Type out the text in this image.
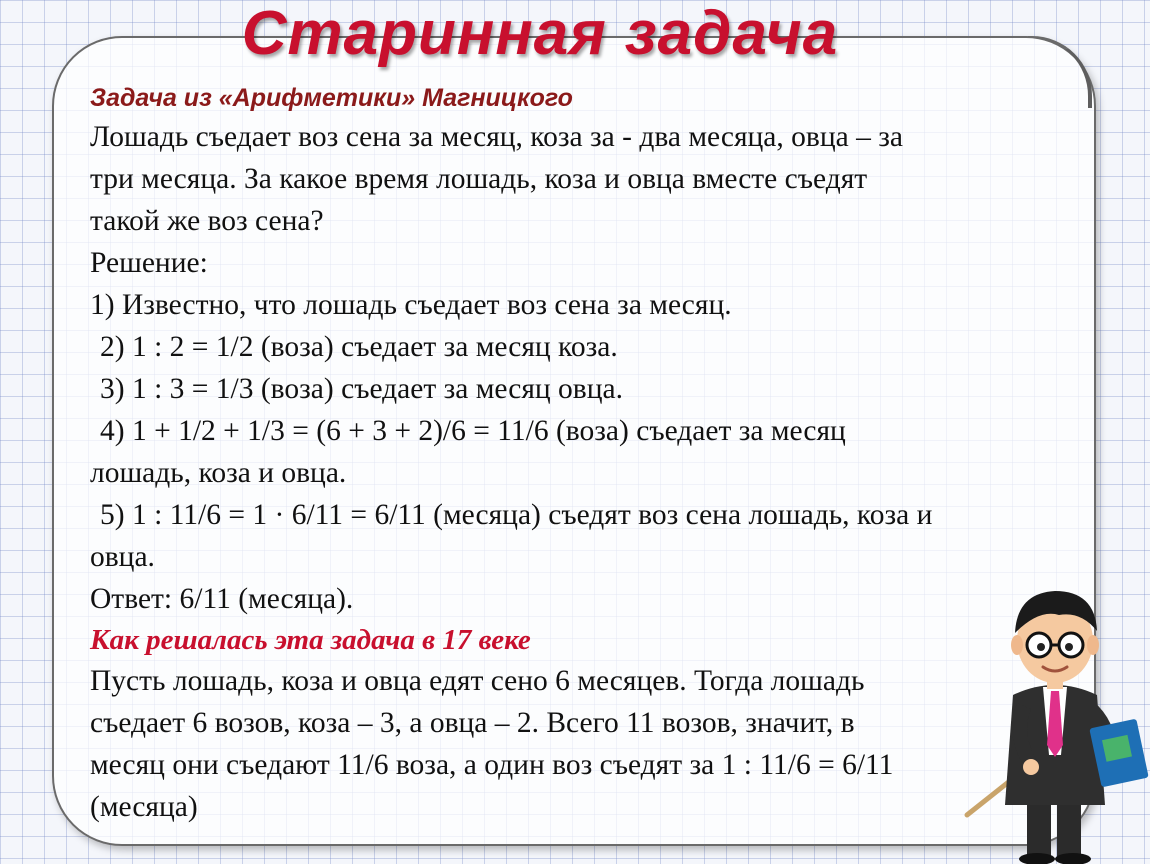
Старинная задача
Задача из «Арифметики» Магницкого
Лошадь съедает воз сена за месяц, коза за - два месяца, овца – за
три месяца. За какое время лошадь, коза и овца вместе съедят
такой же воз сена?
Решение:
1) Известно, что лошадь съедает воз сена за месяц.
2) 1 : 2 = 1/2 (воза) съедает за месяц коза.
3) 1 : 3 = 1/3 (воза) съедает за месяц овца.
4) 1 + 1/2 + 1/3 = (6 + 3 + 2)/6 = 11/6 (воза) съедает за месяц
лошадь, коза и овца.
5) 1 : 11/6 = 1 · 6/11 = 6/11 (месяца) съедят воз сена лошадь, коза и
овца.
Ответ: 6/11 (месяца).
Как решалась эта задача в 17 веке
Пусть лошадь, коза и овца едят сено 6 месяцев. Тогда лошадь
съедает 6 возов, коза – 3, а овца – 2. Всего 11 возов, значит, в
месяц они съедают 11/6 воза, а один воз съедят за 1 : 11/6 = 6/11
(месяца)
